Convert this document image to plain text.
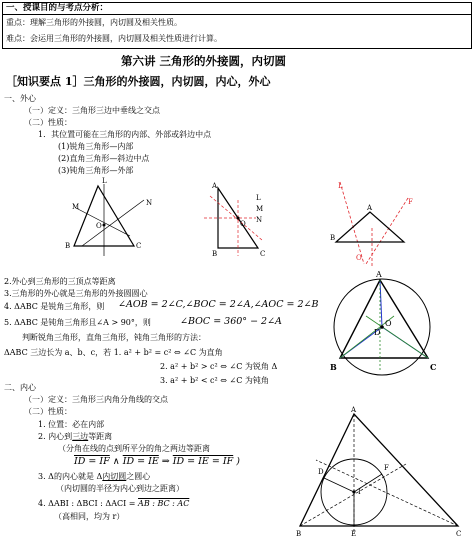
一、授课目的与考点分析：
重点：理解三角形的外接圆，内切圆及相关性质。
难点：会运用三角形的外接圆，内切圆及相关性质进行计算。
第六讲 三角形的外接圆，内切圆
［知识要点 1］三角形的外接圆，内切圆，内心，外心
一、外心
（一）定义：三角形三边中垂线之交点
（二）性质：
1．其位置可能在三角形的内部、外部或斜边中点
(1)锐角三角形—内部
(2)直角三角形—斜边中点
(3)钝角三角形—外部
L
M	N
O
B	C
A
L
M
N
O
B	C
L
F
A
B
O
2.外心到三角形的三顶点等距离
3.三角形的外心就是三角形的外接圆圆心
4. ΔABC 是锐角三角形，则 ∠AOB = 2∠C,∠BOC = 2∠A,∠AOC = 2∠B
5. ΔABC 是钝角三角形且∠A > 90°，则	∠BOC = 360° − 2∠A
判断锐角三角形，直角三角形，钝角三角形的方法：
ΔABC 三边长为 a、b、c，若 1. a² + b² = c² ⇔ ∠C 为直角
2. a² + b² > c² ⇔ ∠C 为锐角 Δ
3. a² + b² < c² ⇔ ∠C 为钝角
A
O
D
B	C
二、内心
（一）定义：三角形三内角分角线的交点
（二）性质：
1. 位置：必在内部
2. 内心到三边等距离
（分角在线的点到所平分的角之两边等距离
ID = IF ∧ ID = IE ⇒ ID = IE = IF )
3. Δ的内心就是 Δ内切圆之圆心
（内切圆的半径为内心到边之距离）
4. ΔABI : ΔBCI : ΔACI = AB : BC : AC
（高相同，均为 r）
A
F
D
I
B	E	C
